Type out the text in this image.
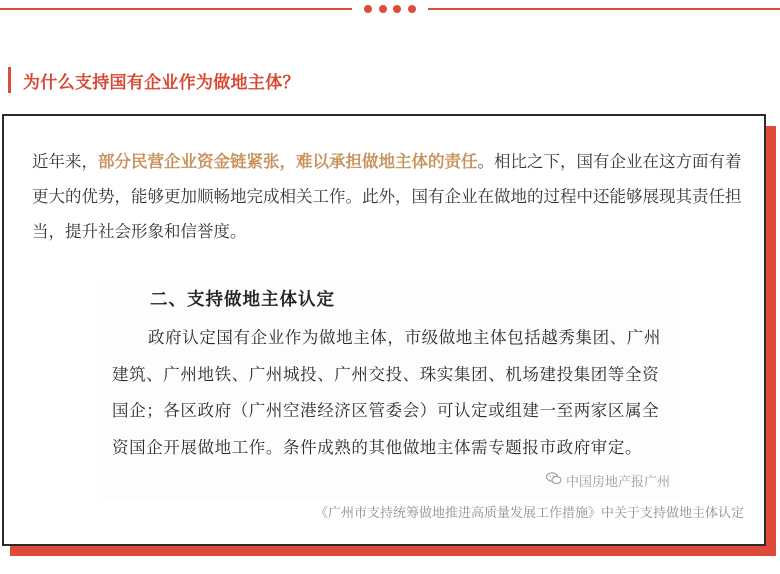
为什么支持国有企业作为做地主体？

近年来，部分民营企业资金链紧张，难以承担做地主体的责任。相比之下，国有企业在这方面有着更大的优势，能够更加顺畅地完成相关工作。此外，国有企业在做地的过程中还能够展现其责任担当，提升社会形象和信誉度。

二、支持做地主体认定

政府认定国有企业作为做地主体，市级做地主体包括越秀集团、广州建筑、广州地铁、广州城投、广州交投、珠实集团、机场建投集团等全资国企；各区政府（广州空港经济区管委会）可认定或组建一至两家区属全资国企开展做地工作。条件成熟的其他做地主体需专题报市政府审定。

中国房地产报广州
《广州市支持统筹做地推进高质量发展工作措施》中关于支持做地主体认定
